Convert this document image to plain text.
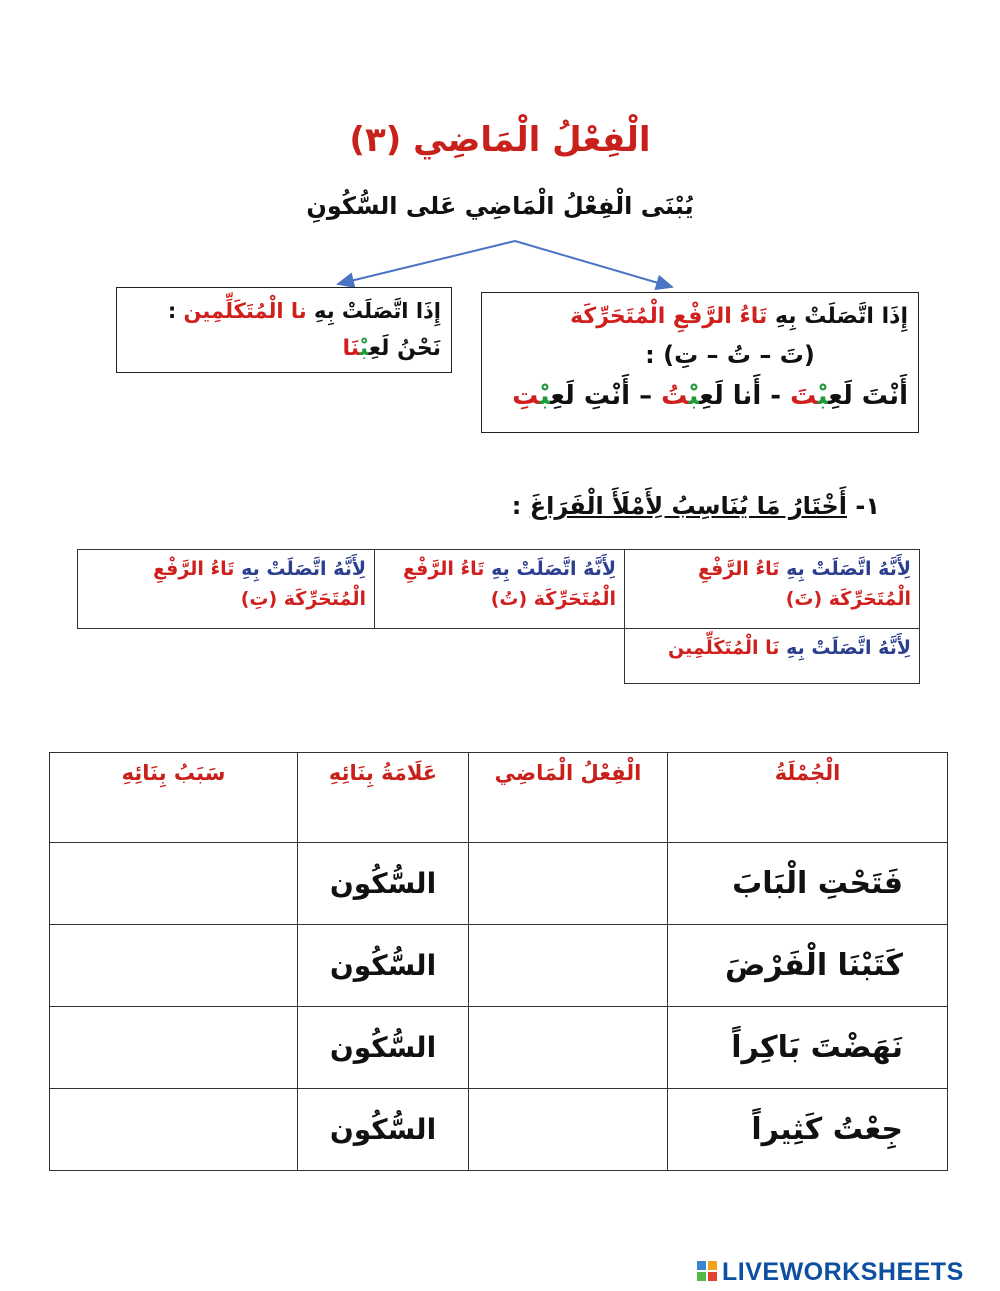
الْفِعْلُ الْمَاضِي (٣)
يُبْنَى الْفِعْلُ الْمَاضِي عَلى السُّكُونِ
إِذَا اتَّصَلَتْ بِهِ تَاءُ الرَّفْعِ الْمُتَحَرِّكَة
(تَ – تُ – تِ) :
أَنْتَ لَعِبْتَ - أَنا لَعِبْتُ – أَنْتِ لَعِبْتِ
إِذَا اتَّصَلَتْ بِهِ نا الْمُتَكَلِّمِين :
نَحْنُ لَعِبْنَا
١- أَخْتَارُ مَا يُنَاسِبُ لِأَمْلَأَ الْفَرَاغَ :
لِأَنَّهُ اتَّصَلَتْ بِهِ تَاءُ الرَّفْعِ الْمُتَحَرِّكَة (تَ)
لِأَنَّهُ اتَّصَلَتْ بِهِ تَاءُ الرَّفْعِ الْمُتَحَرِّكَة (تُ)
لِأَنَّهُ اتَّصَلَتْ بِهِ تَاءُ الرَّفْعِ الْمُتَحَرِّكَة (تِ)
لِأَنَّهُ اتَّصَلَتْ بِهِ نَا الْمُتَكَلِّمِين
الْجُمْلَةُ	الْفِعْلُ الْمَاضِي	عَلَامَةُ بِنَائِهِ	سَبَبُ بِنَائِهِ
فَتَحْتِ الْبَابَ		السُّكُون	
كَتَبْنَا الْفَرْضَ		السُّكُون	
نَهَضْتَ بَاكِراً		السُّكُون	
جِعْتُ كَثِيراً		السُّكُون	
LIVEWORKSHEETS
